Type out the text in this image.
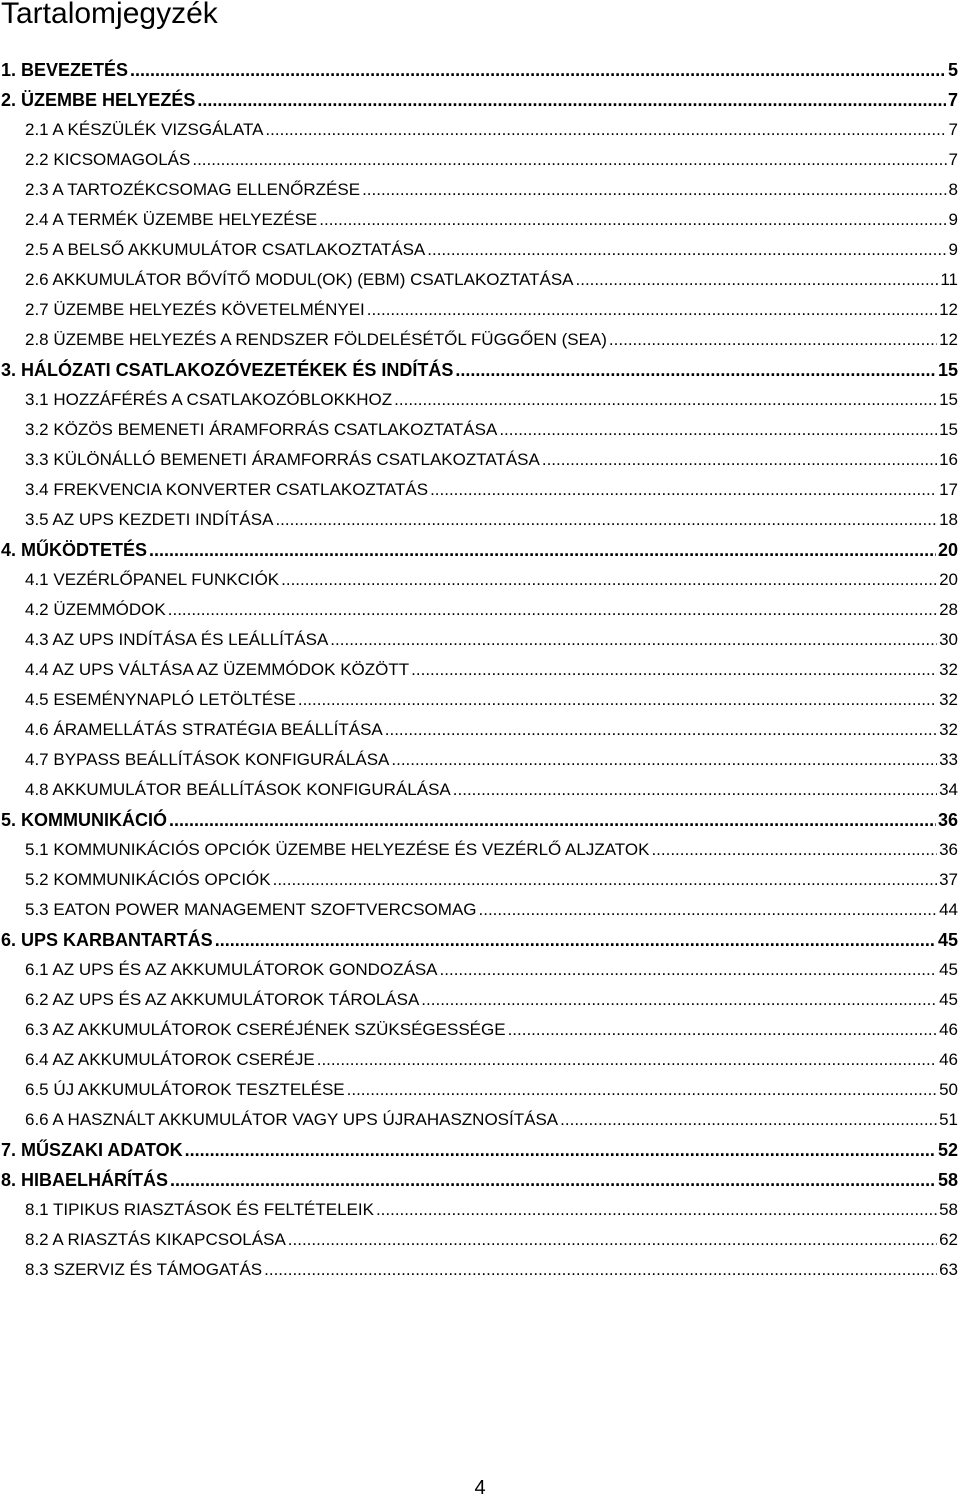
Tartalomjegyzék
1. BEVEZETÉS .....	5
2. ÜZEMBE HELYEZÉS .....	7
2.1 A KÉSZÜLÉK VIZSGÁLATA .....	7
2.2 KICSOMAGOLÁS .....	7
2.3 A TARTOZÉKCSOMAG ELLENŐRZÉSE .....	8
2.4 A TERMÉK ÜZEMBE HELYEZÉSE .....	9
2.5 A BELSŐ AKKUMULÁTOR CSATLAKOZTATÁSA .....	9
2.6 AKKUMULÁTOR BŐVÍTŐ MODUL(OK) (EBM) CSATLAKOZTATÁSA .....	11
2.7 ÜZEMBE HELYEZÉS KÖVETELMÉNYEI .....	12
2.8 ÜZEMBE HELYEZÉS A RENDSZER FÖLDELÉSÉTŐL FÜGGŐEN (SEA) .....	12
3. HÁLÓZATI CSATLAKOZÓVEZETÉKEK ÉS INDÍTÁS .....	15
3.1 HOZZÁFÉRÉS A CSATLAKOZÓBLOKKHOZ .....	15
3.2 KÖZÖS BEMENETI ÁRAMFORRÁS CSATLAKOZTATÁSA .....	15
3.3 KÜLÖNÁLLÓ BEMENETI ÁRAMFORRÁS CSATLAKOZTATÁSA .....	16
3.4 FREKVENCIA KONVERTER CSATLAKOZTATÁS .....	17
3.5 AZ UPS KEZDETI INDÍTÁSA .....	18
4. MŰKÖDTETÉS .....	20
4.1 VEZÉRLŐPANEL FUNKCIÓK .....	20
4.2 ÜZEMMÓDOK .....	28
4.3 AZ UPS INDÍTÁSA ÉS LEÁLLÍTÁSA .....	30
4.4 AZ UPS VÁLTÁSA AZ ÜZEMMÓDOK KÖZÖTT .....	32
4.5 ESEMÉNYNAPLÓ LETÖLTÉSE .....	32
4.6 ÁRAMELLÁTÁS STRATÉGIA BEÁLLÍTÁSA .....	32
4.7 BYPASS BEÁLLÍTÁSOK KONFIGURÁLÁSA .....	33
4.8 AKKUMULÁTOR BEÁLLÍTÁSOK KONFIGURÁLÁSA .....	34
5. KOMMUNIKÁCIÓ .....	36
5.1 KOMMUNIKÁCIÓS OPCIÓK ÜZEMBE HELYEZÉSE ÉS VEZÉRLŐ ALJZATOK .....	36
5.2 KOMMUNIKÁCIÓS OPCIÓK .....	37
5.3 EATON POWER MANAGEMENT SZOFTVERCSOMAG .....	44
6. UPS KARBANTARTÁS .....	45
6.1 AZ UPS ÉS AZ AKKUMULÁTOROK GONDOZÁSA .....	45
6.2 AZ UPS ÉS AZ AKKUMULÁTOROK TÁROLÁSA .....	45
6.3 AZ AKKUMULÁTOROK CSERÉJÉNEK SZÜKSÉGESSÉGE .....	46
6.4 AZ AKKUMULÁTOROK CSERÉJE .....	46
6.5 ÚJ AKKUMULÁTOROK TESZTELÉSE .....	50
6.6 A HASZNÁLT AKKUMULÁTOR VAGY UPS ÚJRAHASZNOSÍTÁSA .....	51
7. MŰSZAKI ADATOK .....	52
8. HIBAELHÁRÍTÁS .....	58
8.1 TIPIKUS RIASZTÁSOK ÉS FELTÉTELEIK .....	58
8.2 A RIASZTÁS KIKAPCSOLÁSA .....	62
8.3 SZERVIZ ÉS TÁMOGATÁS .....	63
4
